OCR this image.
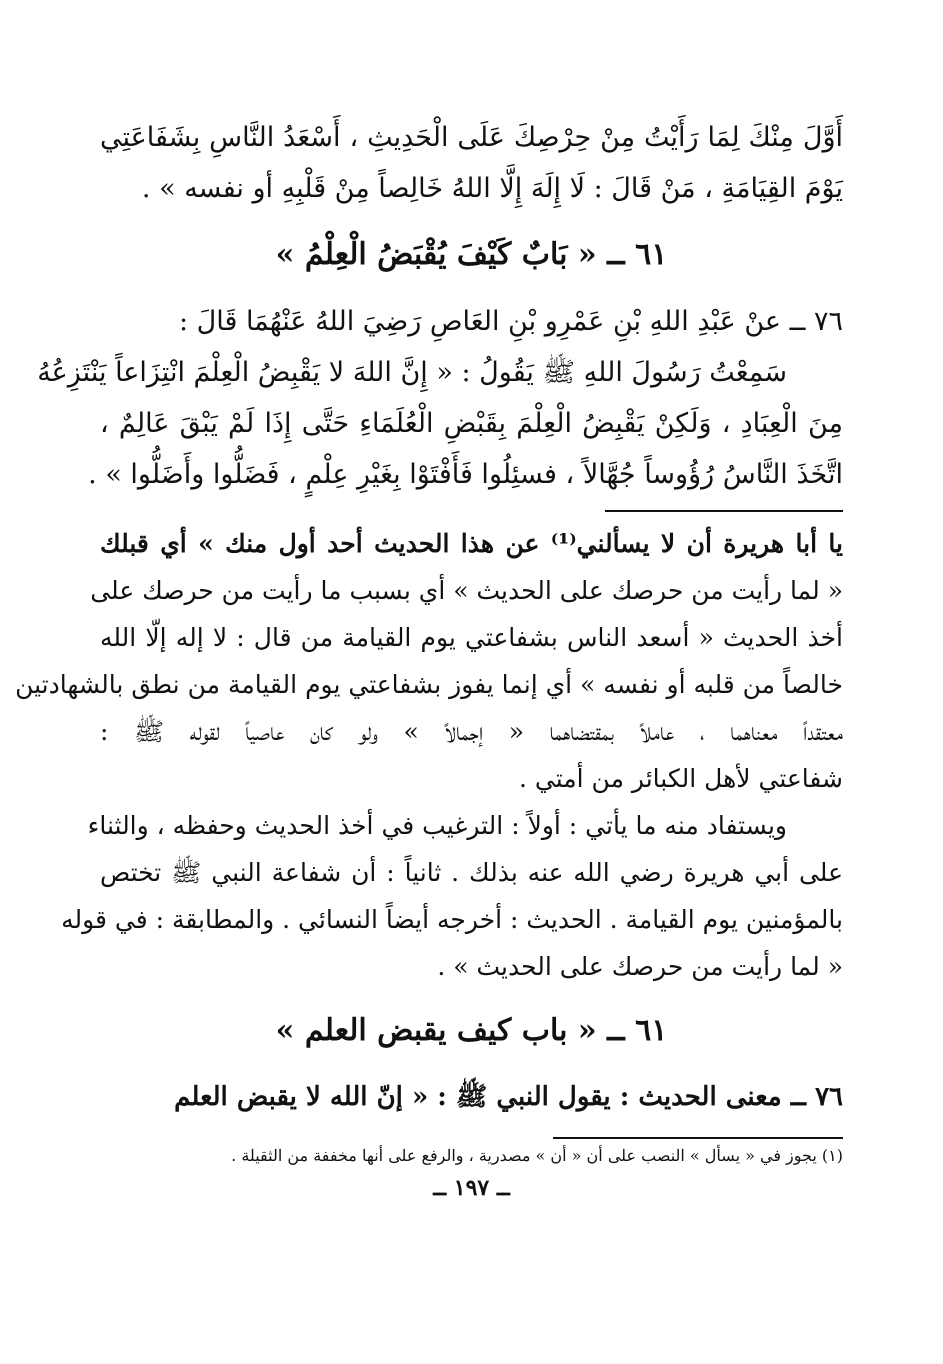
أَوَّلَ مِنْكَ لِمَا رَأَيْتُ مِنْ حِرْصِكَ عَلَى الْحَدِيثِ ، أَسْعَدُ النَّاسِ بِشَفَاعَتِي
يَوْمَ القِيَامَةِ ، مَنْ قَالَ : لَا إِلَهَ إِلَّا اللهُ خَالِصاً مِنْ قَلْبِهِ أو نفسه » .
٦١ ــ « بَابٌ كَيْفَ يُقْبَضُ الْعِلْمُ »
٧٦ ــ عنْ عَبْدِ اللهِ بْنِ عَمْرِو بْنِ العَاصِ رَضِيَ اللهُ عَنْهُمَا قَالَ :
سَمِعْتُ رَسُولَ اللهِ ﷺ يَقُولُ : « إِنَّ اللهَ لا يَقْبِضُ الْعِلْمَ انْتِزَاعاً يَنْتَزِعُهُ
مِنَ الْعِبَادِ ، وَلَكِنْ يَقْبِضُ الْعِلْمَ بِقَبْضِ الْعُلَمَاءِ حَتَّى إِذَا لَمْ يَبْقَ عَالِمٌ ،
اتَّخَذَ النَّاسُ رُؤُوساً جُهَّالاً ، فسئِلُوا فَأَفْتَوْا بِغَيْرِ عِلْمٍ ، فَضَلُّوا وأَضَلُّوا » .
يا أبا هريرة أن لا يسألني⁽¹⁾ عن هذا الحديث أحد أول منك » أي قبلك
« لما رأيت من حرصك على الحديث » أي بسبب ما رأيت من حرصك على
أخذ الحديث « أسعد الناس بشفاعتي يوم القيامة من قال : لا إله إلّا الله
خالصاً من قلبه أو نفسه » أي إنما يفوز بشفاعتي يوم القيامة من نطق بالشهادتين
معتقداً معناهما ، عاملاً بمقتضاهما « إجمالاً » ولو كان عاصياً لقوله ﷺ :
شفاعتي لأهل الكبائر من أمتي .
ويستفاد منه ما يأتي : أولاً : الترغيب في أخذ الحديث وحفظه ، والثناء
على أبي هريرة رضي الله عنه بذلك . ثانياً : أن شفاعة النبي ﷺ تختص
بالمؤمنين يوم القيامة . الحديث : أخرجه أيضاً النسائي . والمطابقة : في قوله
« لما رأيت من حرصك على الحديث » .
٦١ ــ « باب كيف يقبض العلم »
٧٦ ــ معنى الحديث : يقول النبي ﷺ : « إنّ الله لا يقبض العلم
(١) يجوز في « يسأل » النصب على أن « أن » مصدرية ، والرفع على أنها مخففة من الثقيلة .
ــ ١٩٧ ــ
